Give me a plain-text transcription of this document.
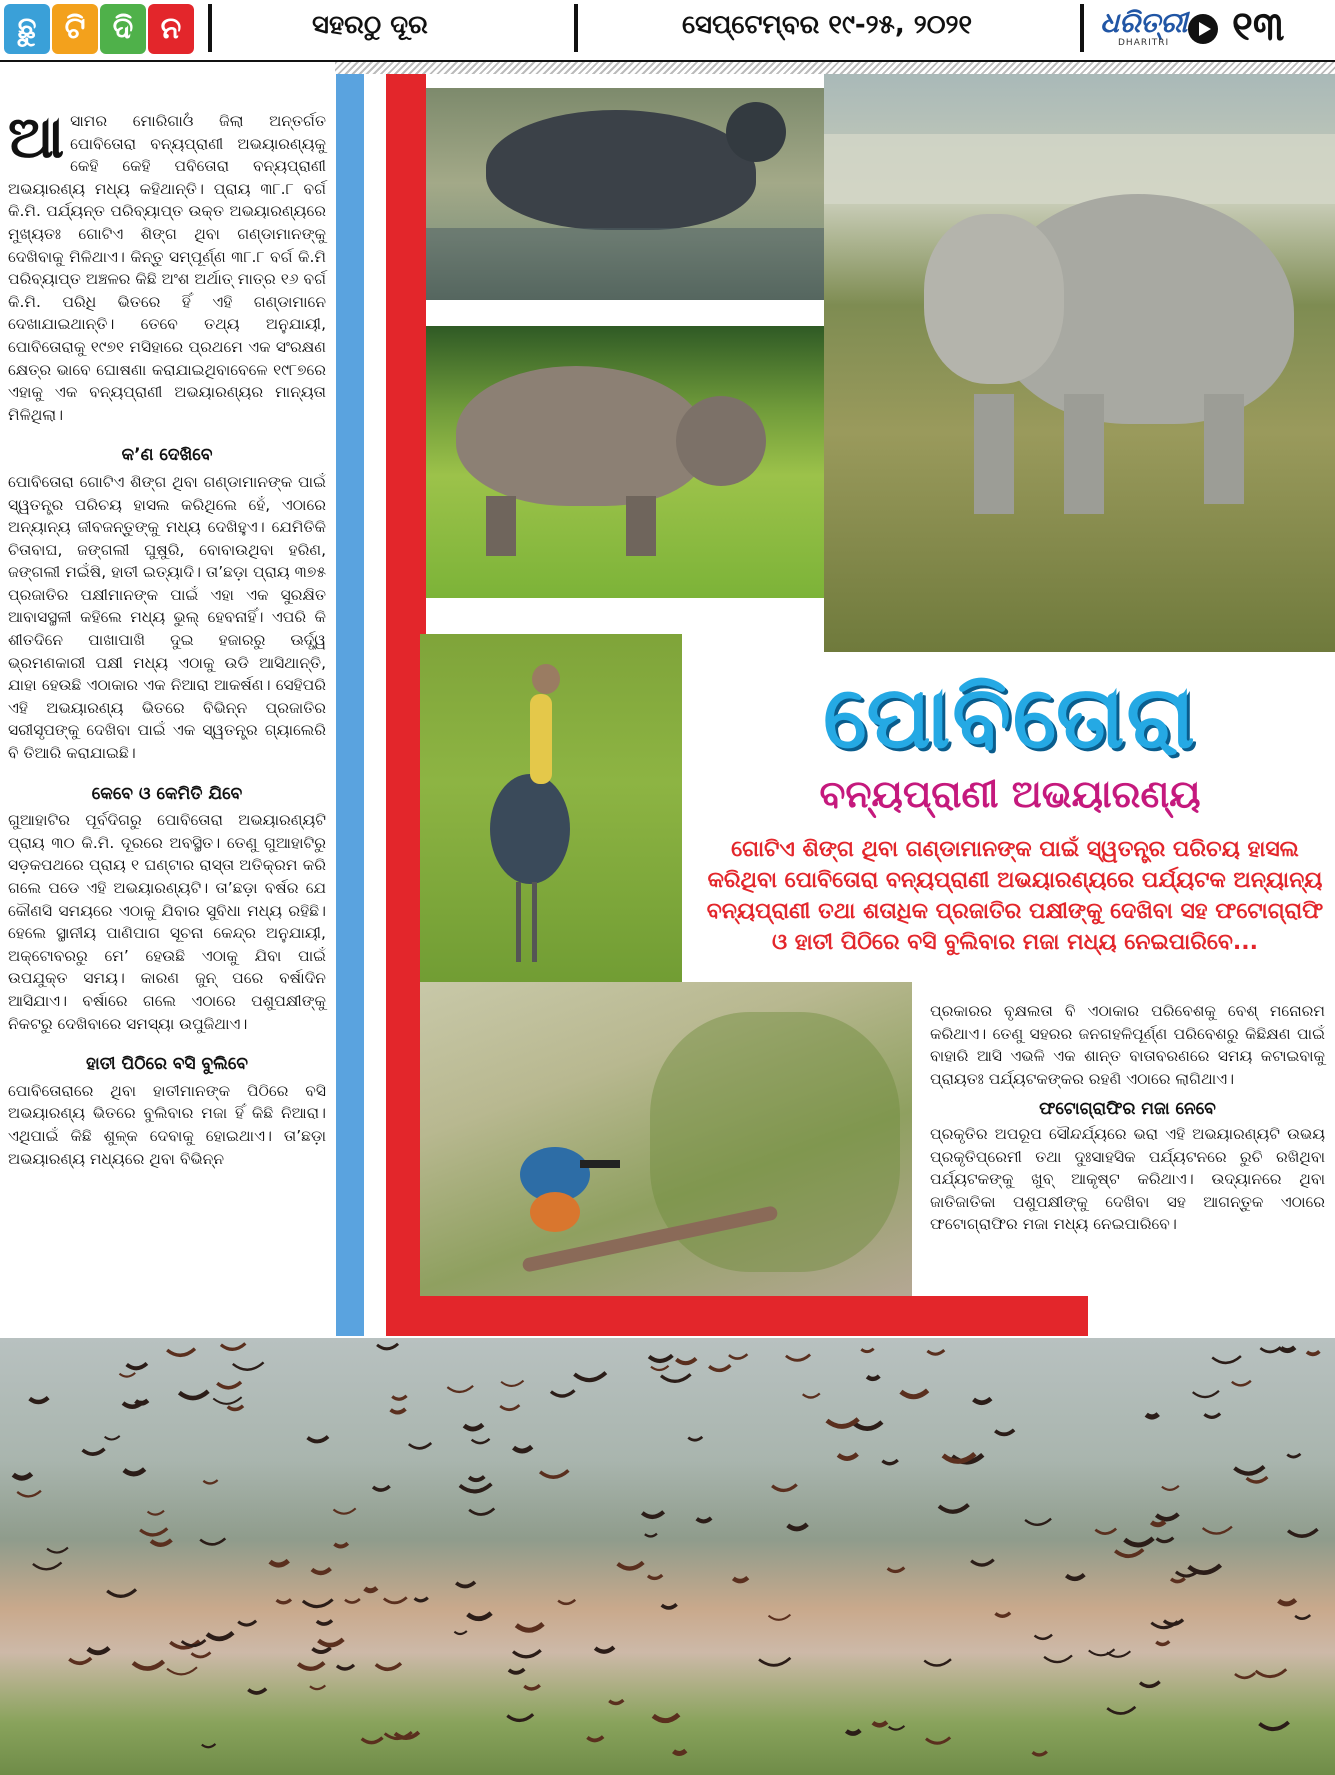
ଛୁ ଟି ଦି ନ	ସହରଠୁ ଦୂର	ସେପ୍ଟେମ୍ବର ୧୯-୨୫, ୨୦୨୧	ଧରିତ୍ରୀ
DHARITRI ୧୩
ଆ ସାମର ମୋରିଗାଓଁ ଜିଲା ଅନ୍ତର୍ଗତ ପୋବିତୋରା ବନ୍ୟପ୍ରାଣୀ ଅଭୟାରଣ୍ୟକୁ କେହି କେହି ପବିତୋରା ବନ୍ୟପ୍ରାଣୀ ଅଭୟାରଣ୍ୟ ମଧ୍ୟ କହିଥାନ୍ତି। ପ୍ରାୟ ୩୮.୮ ବର୍ଗ କି.ମି. ପର୍ଯ୍ୟନ୍ତ ପରିବ୍ୟାପ୍ତ ଉକ୍ତ ଅଭୟାରଣ୍ୟରେ ମୁଖ୍ୟତଃ ଗୋଟିଏ ଶିଙ୍ଗ ଥିବା ଗଣ୍ଡାମାନଙ୍କୁ ଦେଖିବାକୁ ମିଳିଥାଏ। କିନ୍ତୁ ସମ୍ପୂର୍ଣ୍ଣ ୩୮.୮ ବର୍ଗ କି.ମି ପରିବ୍ୟାପ୍ତ ଅଞ୍ଚଳର କିଛି ଅଂଶ ଅର୍ଥାତ୍ ମାତ୍ର ୧୬ ବର୍ଗ କି.ମି. ପରିଧି ଭିତରେ ହିଁ ଏହି ଗଣ୍ଡାମାନେ ଦେଖାଯାଇଥାନ୍ତି। ତେବେ ତଥ୍ୟ ଅନୁଯାୟୀ, ପୋବିତୋରାକୁ ୧୯୭୧ ମସିହାରେ ପ୍ରଥମେ ଏକ ସଂରକ୍ଷଣ କ୍ଷେତ୍ର ଭାବେ ଘୋଷଣା କରାଯାଇଥିବାବେଳେ ୧୯୮୭ରେ ଏହାକୁ ଏକ ବନ୍ୟପ୍ରାଣୀ ଅଭୟାରଣ୍ୟର ମାନ୍ୟତା ମିଳିଥିଲା।
କ’ଣ ଦେଖିବେ
ପୋବିତୋରା ଗୋଟିଏ ଶିଙ୍ଗ ଥିବା ଗଣ୍ଡାମାନଙ୍କ ପାଇଁ ସ୍ୱତନ୍ତ୍ର ପରିଚୟ ହାସଲ କରିଥିଲେ ହେଁ, ଏଠାରେ ଅନ୍ୟାନ୍ୟ ଜୀବଜନ୍ତୁଙ୍କୁ ମଧ୍ୟ ଦେଖିହୁଏ। ଯେମିତିକି ଚିତାବାଘ, ଜଙ୍ଗଲୀ ଘୁଷୁରି, ବୋବାଉଥିବା ହରିଣ, ଜଙ୍ଗଲୀ ମଇଁଷି, ହାତୀ ଇତ୍ୟାଦି। ତା’ଛଡ଼ା ପ୍ରାୟ ୩୭୫ ପ୍ରଜାତିର ପକ୍ଷୀମାନଙ୍କ ପାଇଁ ଏହା ଏକ ସୁରକ୍ଷିତ ଆବାସସ୍ଥଳୀ କହିଲେ ମଧ୍ୟ ଭୁଲ୍ ହେବନାହିଁ। ଏପରି କି ଶୀତଦିନେ ପାଖାପାଖି ଦୁଇ ହଜାରରୁ ଊର୍ଦ୍ଧ୍ୱ ଭ୍ରମଣକାରୀ ପକ୍ଷୀ ମଧ୍ୟ ଏଠାକୁ ଉଡି ଆସିଥାନ୍ତି, ଯାହା ହେଉଛି ଏଠାକାର ଏକ ନିଆରା ଆକର୍ଷଣ। ସେହିପରି ଏହି ଅଭୟାରଣ୍ୟ ଭିତରେ ବିଭିନ୍ନ ପ୍ରଜାତିର ସରୀସୃପଙ୍କୁ ଦେଖିବା ପାଇଁ ଏକ ସ୍ୱତନ୍ତ୍ର ଗ୍ୟାଲେରି ବି ତିଆରି କରାଯାଇଛି।
କେବେ ଓ କେମିତି ଯିବେ
ଗୁଆହାଟିର ପୂର୍ବଦିଗରୁ ପୋବିତୋରା ଅଭୟାରଣ୍ୟଟି ପ୍ରାୟ ୩୦ କି.ମି. ଦୂରରେ ଅବସ୍ଥିତ। ତେଣୁ ଗୁଆହାଟିରୁ ସଡ଼କପଥରେ ପ୍ରାୟ ୧ ଘଣ୍ଟାର ରାସ୍ତା ଅତିକ୍ରମ କରି ଗଲେ ପଡେ ଏହି ଅଭୟାରଣ୍ୟଟି। ତା’ଛଡ଼ା ବର୍ଷର ଯେ କୌଣସି ସମୟରେ ଏଠାକୁ ଯିବାର ସୁବିଧା ମଧ୍ୟ ରହିଛି। ହେଲେ ସ୍ଥାନୀୟ ପାଣିପାଗ ସୂଚନା କେନ୍ଦ୍ର ଅନୁଯାୟୀ, ଅକ୍ଟୋବରରୁ ମେ’ ହେଉଛି ଏଠାକୁ ଯିବା ପାଇଁ ଉପଯୁକ୍ତ ସମୟ। କାରଣ ଜୁନ୍ ପରେ ବର୍ଷାଦିନ ଆସିଯାଏ। ବର୍ଷାରେ ଗଲେ ଏଠାରେ ପଶୁପକ୍ଷୀଙ୍କୁ ନିକଟରୁ ଦେଖିବାରେ ସମସ୍ୟା ଉପୁଜିଥାଏ।
ହାତୀ ପିଠିରେ ବସି ବୁଲିବେ
ପୋବିତୋରାରେ ଥିବା ହାତୀମାନଙ୍କ ପିଠିରେ ବସି ଅଭୟାରଣ୍ୟ ଭିତରେ ବୁଲିବାର ମଜା ହିଁ କିଛି ନିଆରା। ଏଥିପାଇଁ କିଛି ଶୁଳ୍କ ଦେବାକୁ ହୋଇଥାଏ। ତା’ଛଡ଼ା ଅଭୟାରଣ୍ୟ ମଧ୍ୟରେ ଥିବା ବିଭିନ୍ନ
ପୋବିତୋରା
ବନ୍ୟପ୍ରାଣୀ ଅଭୟାରଣ୍ୟ
ଗୋଟିଏ ଶିଙ୍ଗ ଥିବା ଗଣ୍ଡାମାନଙ୍କ ପାଇଁ ସ୍ୱତନ୍ତ୍ର ପରିଚୟ ହାସଲ କରିଥିବା ପୋବିତୋରା ବନ୍ୟପ୍ରାଣୀ ଅଭୟାରଣ୍ୟରେ ପର୍ଯ୍ୟଟକ ଅନ୍ୟାନ୍ୟ ବନ୍ୟପ୍ରାଣୀ ତଥା ଶତାଧିକ ପ୍ରଜାତିର ପକ୍ଷୀଙ୍କୁ ଦେଖିବା ସହ ଫଟୋଗ୍ରାଫି ଓ ହାତୀ ପିଠିରେ ବସି ବୁଲିବାର ମଜା ମଧ୍ୟ ନେଇପାରିବେ...
ପ୍ରକାରର ବୃକ୍ଷଲତା ବି ଏଠାକାର ପରିବେଶକୁ ବେଶ୍ ମନୋରମ କରିଥାଏ। ତେଣୁ ସହରର ଜନଗହଳିପୂର୍ଣ୍ଣ ପରିବେଶରୁ କିଛିକ୍ଷଣ ପାଇଁ ବାହାରି ଆସି ଏଭଳି ଏକ ଶାନ୍ତ ବାତାବରଣରେ ସମୟ କଟାଇବାକୁ ପ୍ରାୟତଃ ପର୍ଯ୍ୟଟକଙ୍କର ରହଣି ଏଠାରେ ଲାଗିଥାଏ।
ଫଟୋଗ୍ରାଫିର ମଜା ନେବେ
ପ୍ରକୃତିର ଅପରୂପ ସୌନ୍ଦର୍ଯ୍ୟରେ ଭରା ଏହି ଅଭୟାରଣ୍ୟଟି ଉଭୟ ପ୍ରକୃତିପ୍ରେମୀ ତଥା ଦୁଃସାହସିକ ପର୍ଯ୍ୟଟନରେ ରୁଚି ରଖିଥିବା ପର୍ଯ୍ୟଟକଙ୍କୁ ଖୁବ୍ ଆକୃଷ୍ଟ କରିଥାଏ। ଉଦ୍ୟାନରେ ଥିବା ଜାତିଜାତିକା ପଶୁପକ୍ଷୀଙ୍କୁ ଦେଖିବା ସହ ଆଗନ୍ତୁକ ଏଠାରେ ଫଟୋଗ୍ରାଫିର ମଜା ମଧ୍ୟ ନେଇପାରିବେ।
